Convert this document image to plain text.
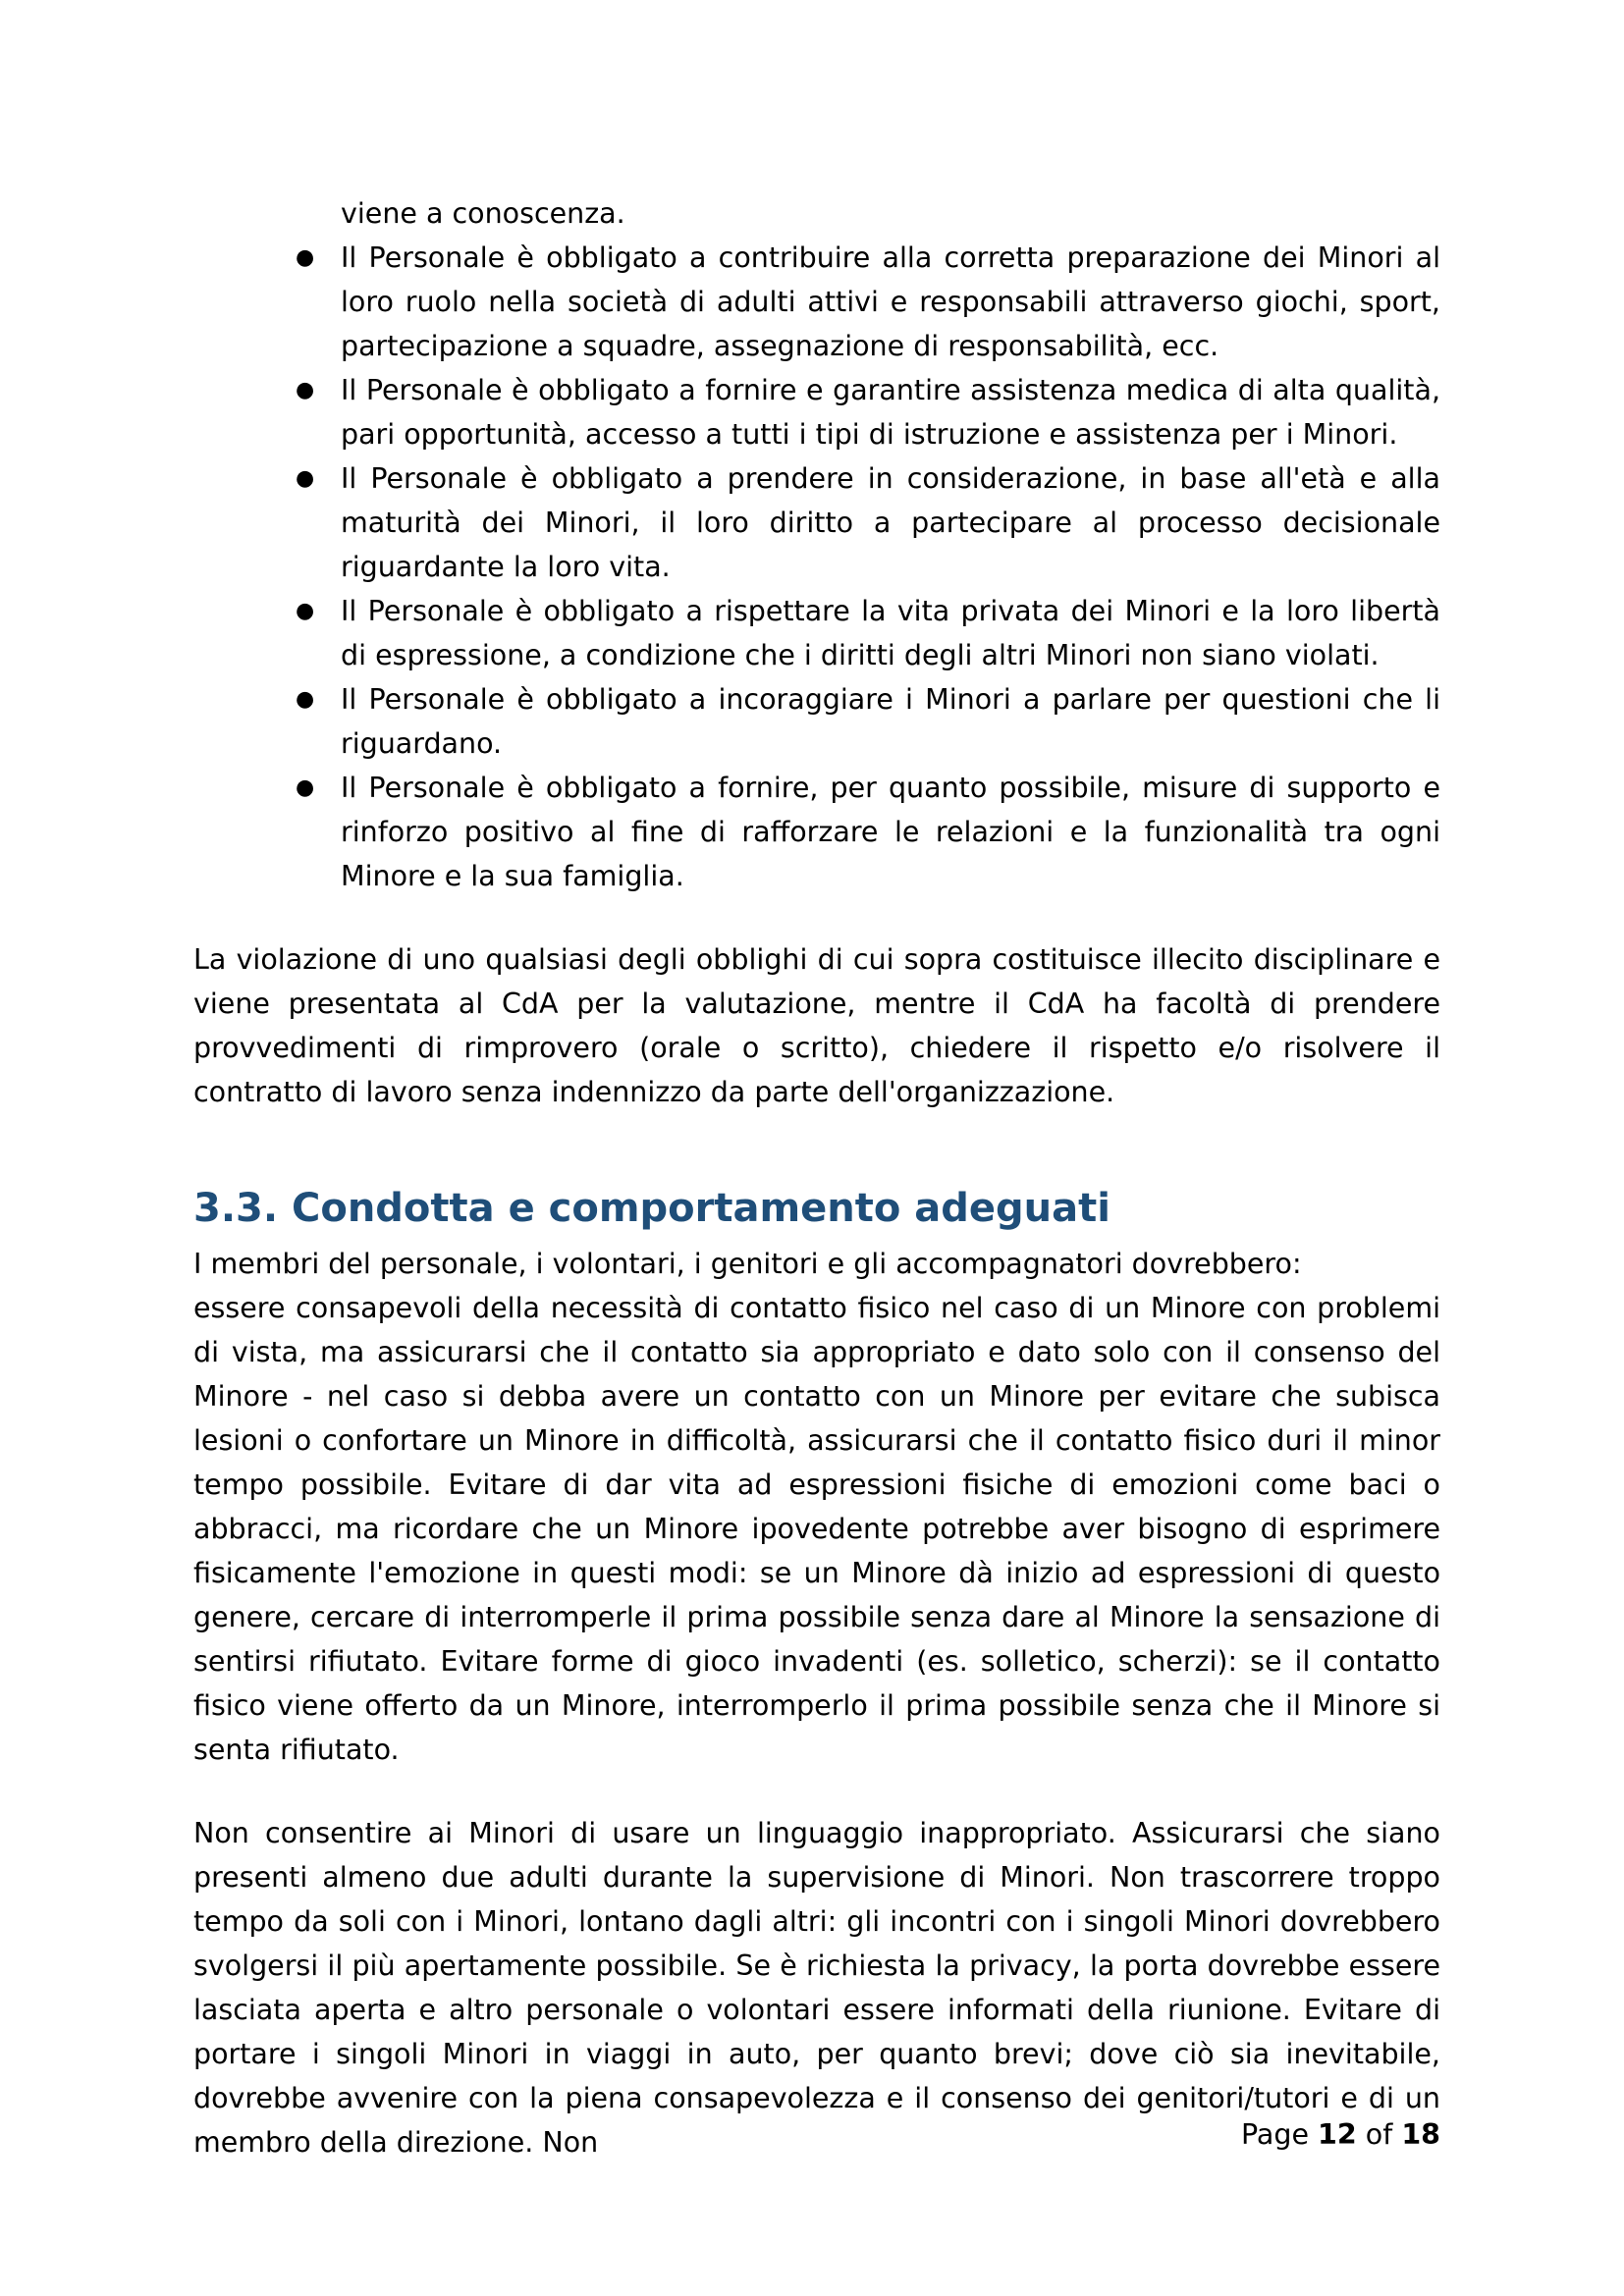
viene a conoscenza.

● Il Personale è obbligato a contribuire alla corretta preparazione dei Minori al loro ruolo nella società di adulti attivi e responsabili attraverso giochi, sport, partecipazione a squadre, assegnazione di responsabilità, ecc.
● Il Personale è obbligato a fornire e garantire assistenza medica di alta qualità, pari opportunità, accesso a tutti i tipi di istruzione e assistenza per i Minori.
● Il Personale è obbligato a prendere in considerazione, in base all'età e alla maturità dei Minori, il loro diritto a partecipare al processo decisionale riguardante la loro vita.
● Il Personale è obbligato a rispettare la vita privata dei Minori e la loro libertà di espressione, a condizione che i diritti degli altri Minori non siano violati.
● Il Personale è obbligato a incoraggiare i Minori a parlare per questioni che li riguardano.
● Il Personale è obbligato a fornire, per quanto possibile, misure di supporto e rinforzo positivo al fine di rafforzare le relazioni e la funzionalità tra ogni Minore e la sua famiglia.

La violazione di uno qualsiasi degli obblighi di cui sopra costituisce illecito disciplinare e viene presentata al CdA per la valutazione, mentre il CdA ha facoltà di prendere provvedimenti di rimprovero (orale o scritto), chiedere il rispetto e/o risolvere il contratto di lavoro senza indennizzo da parte dell'organizzazione.

3.3. Condotta e comportamento adeguati

I membri del personale, i volontari, i genitori e gli accompagnatori dovrebbero:

essere consapevoli della necessità di contatto fisico nel caso di un Minore con problemi di vista, ma assicurarsi che il contatto sia appropriato e dato solo con il consenso del Minore - nel caso si debba avere un contatto con un Minore per evitare che subisca lesioni o confortare un Minore in difficoltà, assicurarsi che il contatto fisico duri il minor tempo possibile. Evitare di dar vita ad espressioni fisiche di emozioni come baci o abbracci, ma ricordare che un Minore ipovedente potrebbe aver bisogno di esprimere fisicamente l'emozione in questi modi: se un Minore dà inizio ad espressioni di questo genere, cercare di interromperle il prima possibile senza dare al Minore la sensazione di sentirsi rifiutato. Evitare forme di gioco invadenti (es. solletico, scherzi): se il contatto fisico viene offerto da un Minore, interromperlo il prima possibile senza che il Minore si senta rifiutato.

Non consentire ai Minori di usare un linguaggio inappropriato. Assicurarsi che siano presenti almeno due adulti durante la supervisione di Minori. Non trascorrere troppo tempo da soli con i Minori, lontano dagli altri: gli incontri con i singoli Minori dovrebbero svolgersi il più apertamente possibile. Se è richiesta la privacy, la porta dovrebbe essere lasciata aperta e altro personale o volontari essere informati della riunione. Evitare di portare i singoli Minori in viaggi in auto, per quanto brevi; dove ciò sia inevitabile, dovrebbe avvenire con la piena consapevolezza e il consenso dei genitori/tutori e di un membro della direzione. Non	Page 12 of 18
